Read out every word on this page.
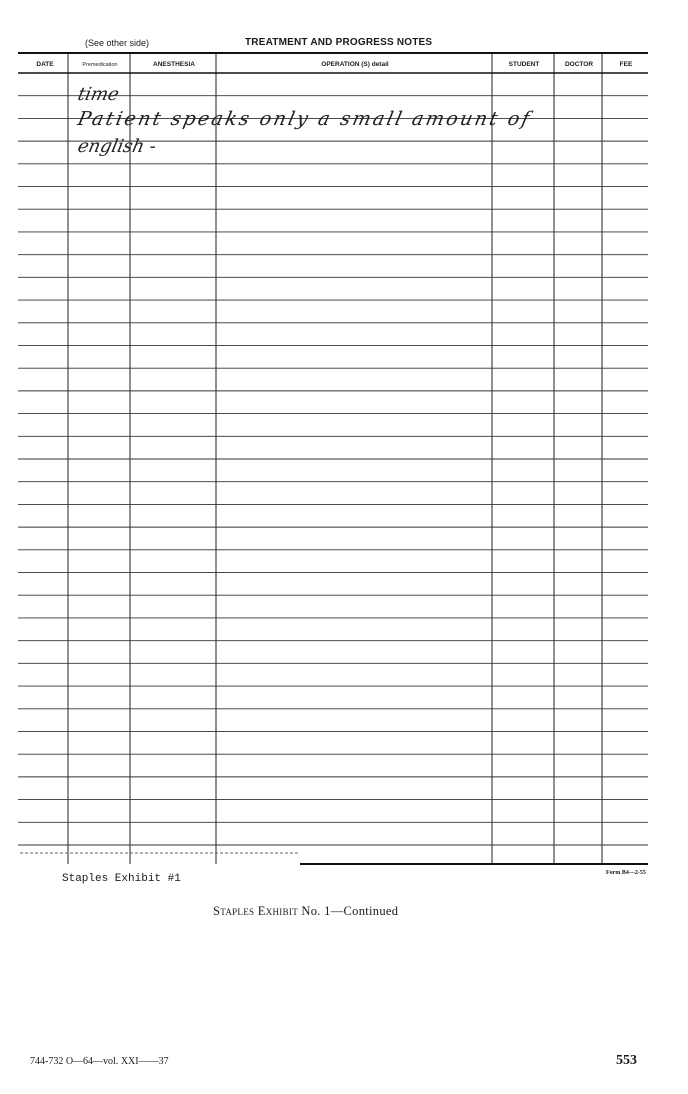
(See other side)	TREATMENT AND PROGRESS NOTES
DATE	Premedication	ANESTHESIA	OPERATION (S) detail	STUDENT	DOCTOR	FEE
time
Patient speaks only a small amount of
english -
Form B4—2-55
Staples Exhibit #1
Staples Exhibit No. 1—Continued
744-732 O—64—vol. XXI——37	553
